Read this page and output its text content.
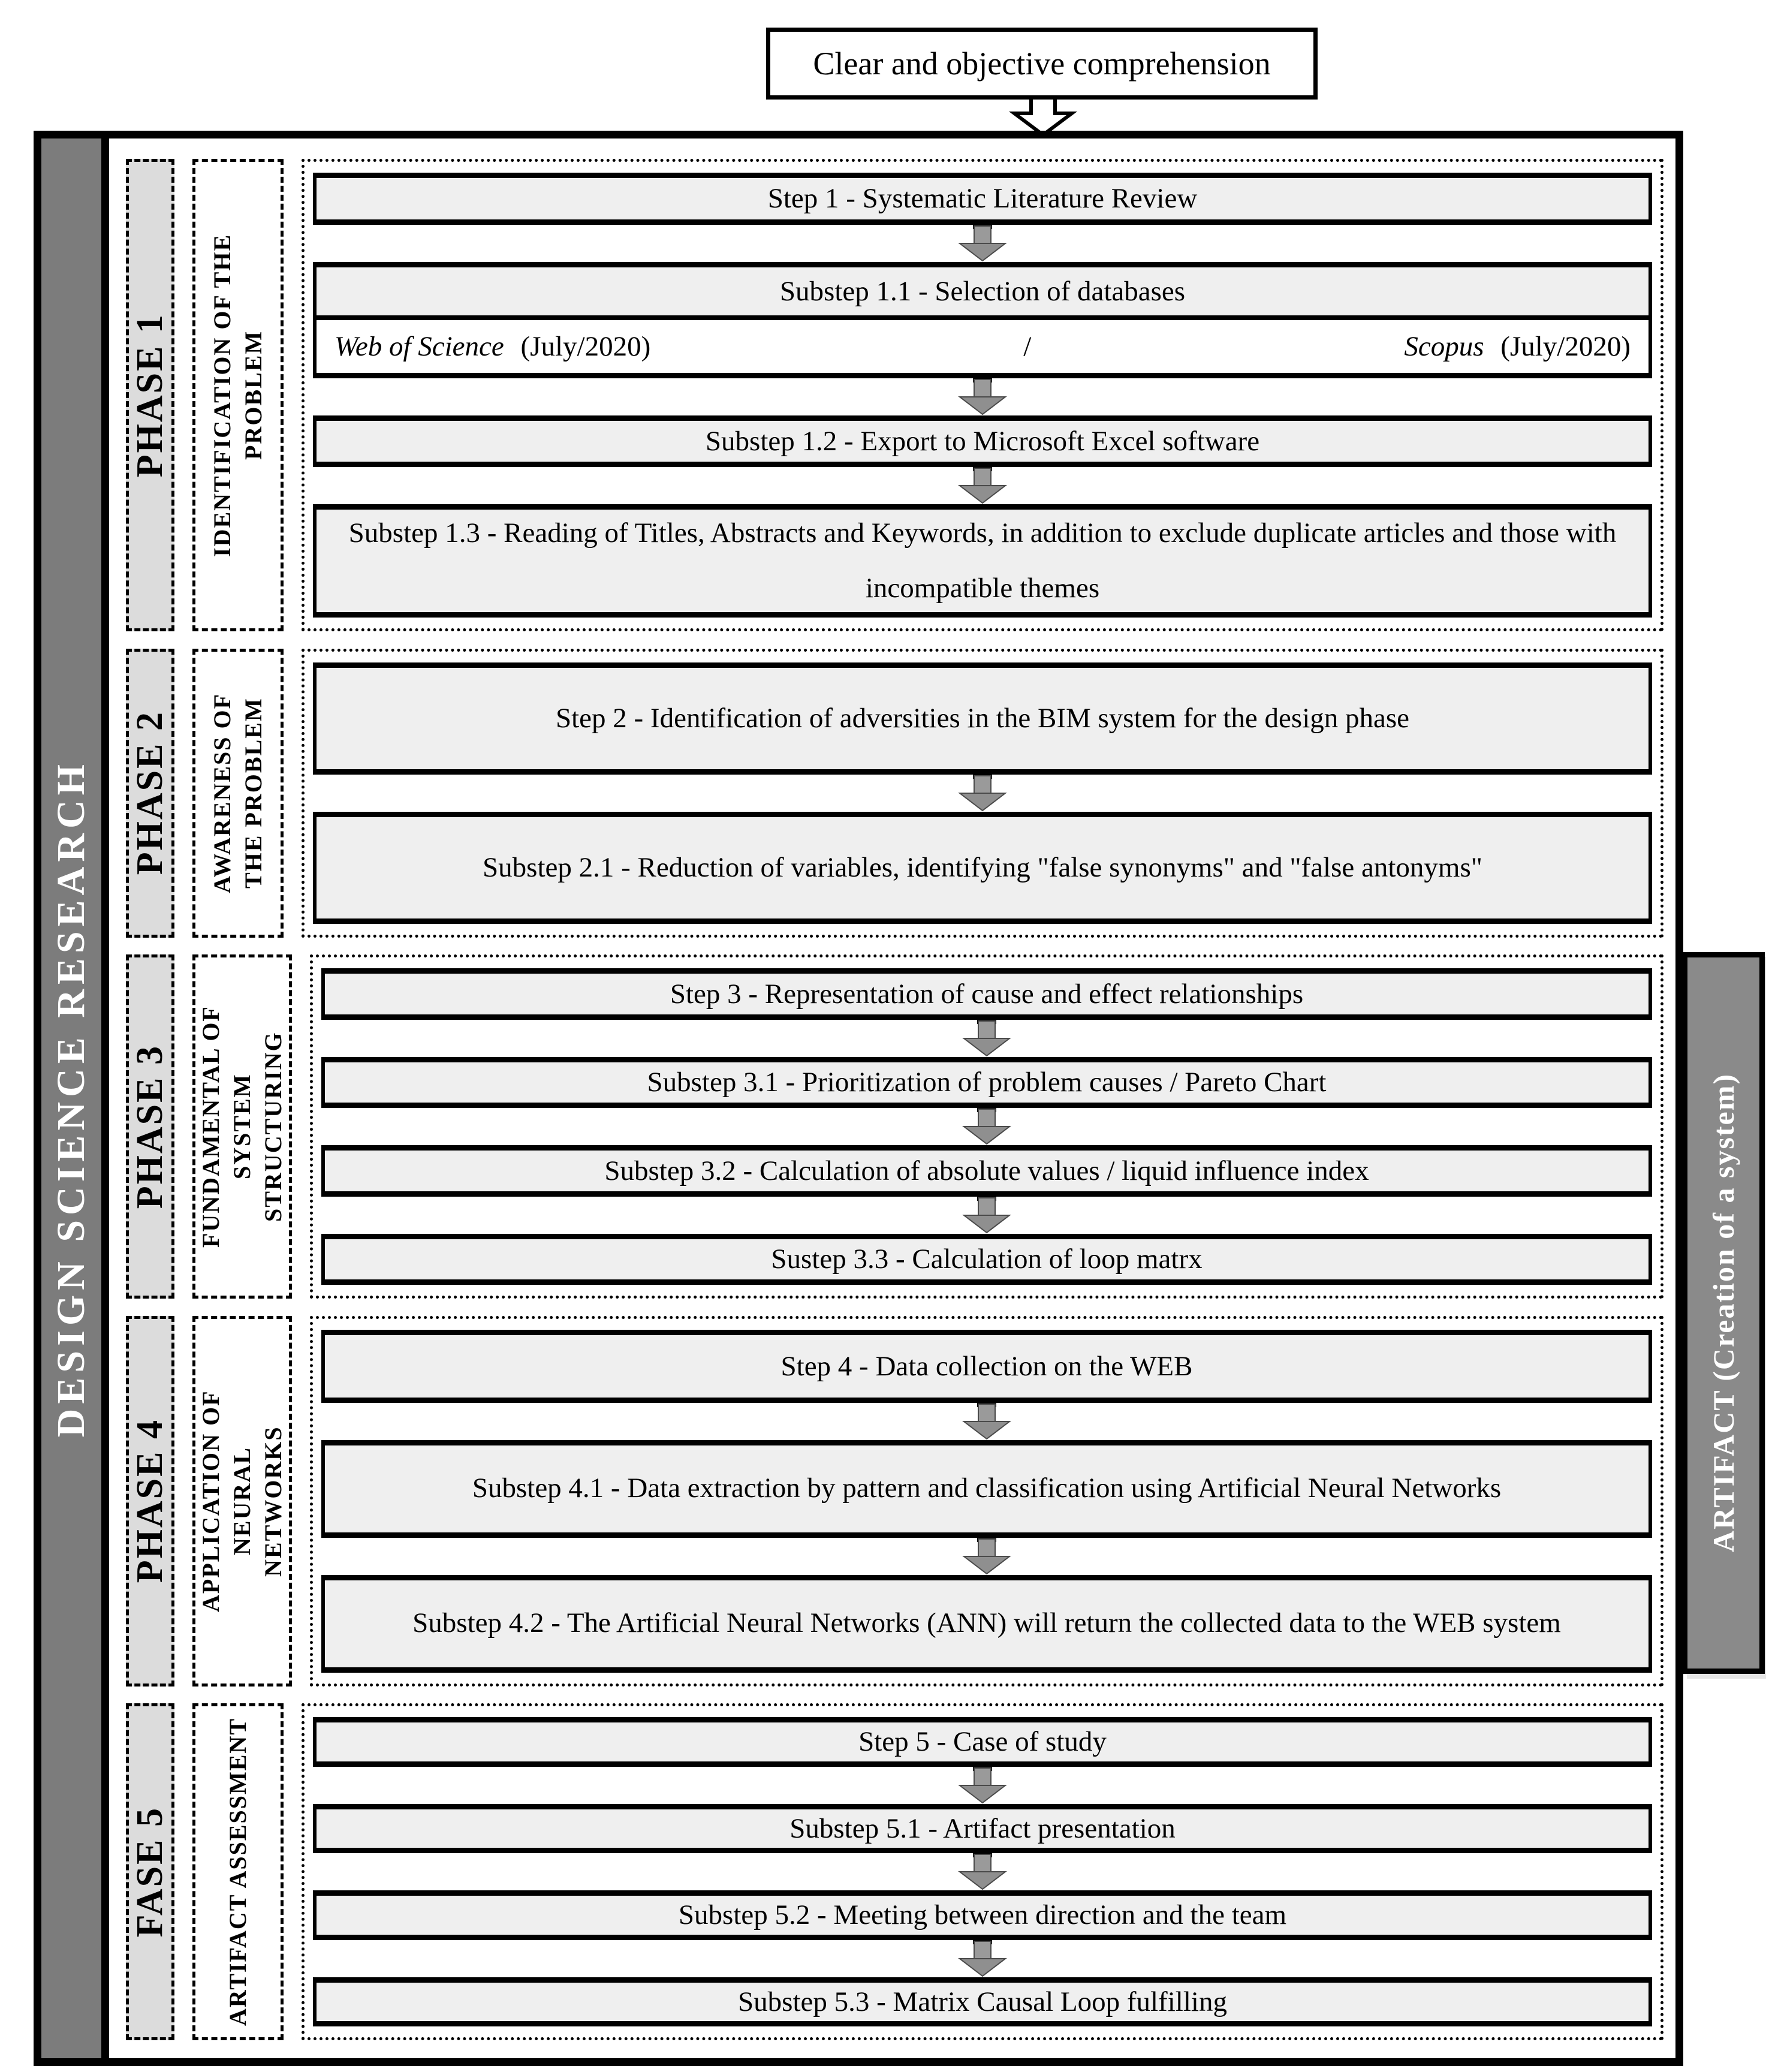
Clear and objective comprehension
DESIGN SCIENCE RESEARCH
PHASE 1 IDENTIFICATION OF THE PROBLEM
Step 1 - Systematic Literature Review
Substep 1.1 - Selection of databases
Web of Science (July/2020)	/	Scopus (July/2020)
Substep 1.2 - Export to Microsoft Excel software
Substep 1.3 - Reading of Titles, Abstracts and Keywords, in addition to exclude duplicate articles and those with incompatible themes
PHASE 2 AWARENESS OF THE PROBLEM	Step 2 - Identification of adversities in the BIM system for the design phase
Substep 2.1 - Reduction of variables, identifying "false synonyms" and "false antonyms"
PHASE 3 FUNDAMENTAL OF SYSTEM STRUCTURING
Step 3 - Representation of cause and effect relationships
Substep 3.1 - Prioritization of problem causes / Pareto Chart
Substep 3.2 - Calculation of absolute values / liquid influence index
Sustep 3.3 - Calculation of loop matrx
PHASE 4 APPLICATION OF NEURAL NETWORKS
Step 4 - Data collection on the WEB
Substep 4.1 - Data extraction by pattern and classification using Artificial Neural Networks
Substep 4.2 - The Artificial Neural Networks (ANN) will return the collected data to the WEB system
FASE 5 ARTIFACT ASSESSMENT	Step 5 - Case of study
Substep 5.1 - Artifact presentation
Substep 5.2 - Meeting between direction and the team
Substep 5.3 - Matrix Causal Loop fulfilling
ARTIFACT (Creation of a system)
